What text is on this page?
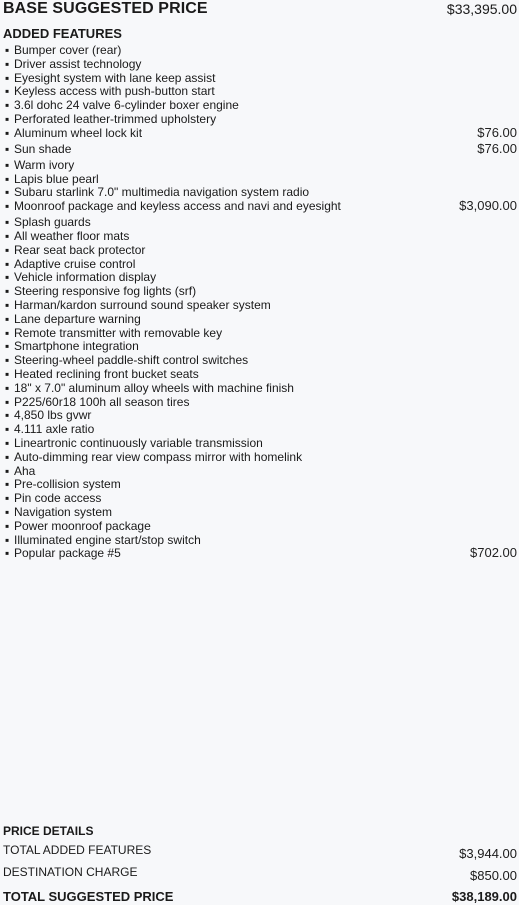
BASE SUGGESTED PRICE	$33,395.00
ADDED FEATURES
▪ Bumper cover (rear)
▪ Driver assist technology
▪ Eyesight system with lane keep assist
▪ Keyless access with push-button start
▪ 3.6l dohc 24 valve 6-cylinder boxer engine
▪ Perforated leather-trimmed upholstery
▪ Aluminum wheel lock kit	$76.00
▪ Sun shade	$76.00
▪ Warm ivory
▪ Lapis blue pearl
▪ Subaru starlink 7.0" multimedia navigation system radio
▪ Moonroof package and keyless access and navi and eyesight	$3,090.00
▪ Splash guards
▪ All weather floor mats
▪ Rear seat back protector
▪ Adaptive cruise control
▪ Vehicle information display
▪ Steering responsive fog lights (srf)
▪ Harman/kardon surround sound speaker system
▪ Lane departure warning
▪ Remote transmitter with removable key
▪ Smartphone integration
▪ Steering-wheel paddle-shift control switches
▪ Heated reclining front bucket seats
▪ 18" x 7.0" aluminum alloy wheels with machine finish
▪ P225/60r18 100h all season tires
▪ 4,850 lbs gvwr
▪ 4.111 axle ratio
▪ Lineartronic continuously variable transmission
▪ Auto-dimming rear view compass mirror with homelink
▪ Aha
▪ Pre-collision system
▪ Pin code access
▪ Navigation system
▪ Power moonroof package
▪ Illuminated engine start/stop switch
▪ Popular package #5	$702.00
PRICE DETAILS
TOTAL ADDED FEATURES	$3,944.00
DESTINATION CHARGE	$850.00
TOTAL SUGGESTED PRICE	$38,189.00
